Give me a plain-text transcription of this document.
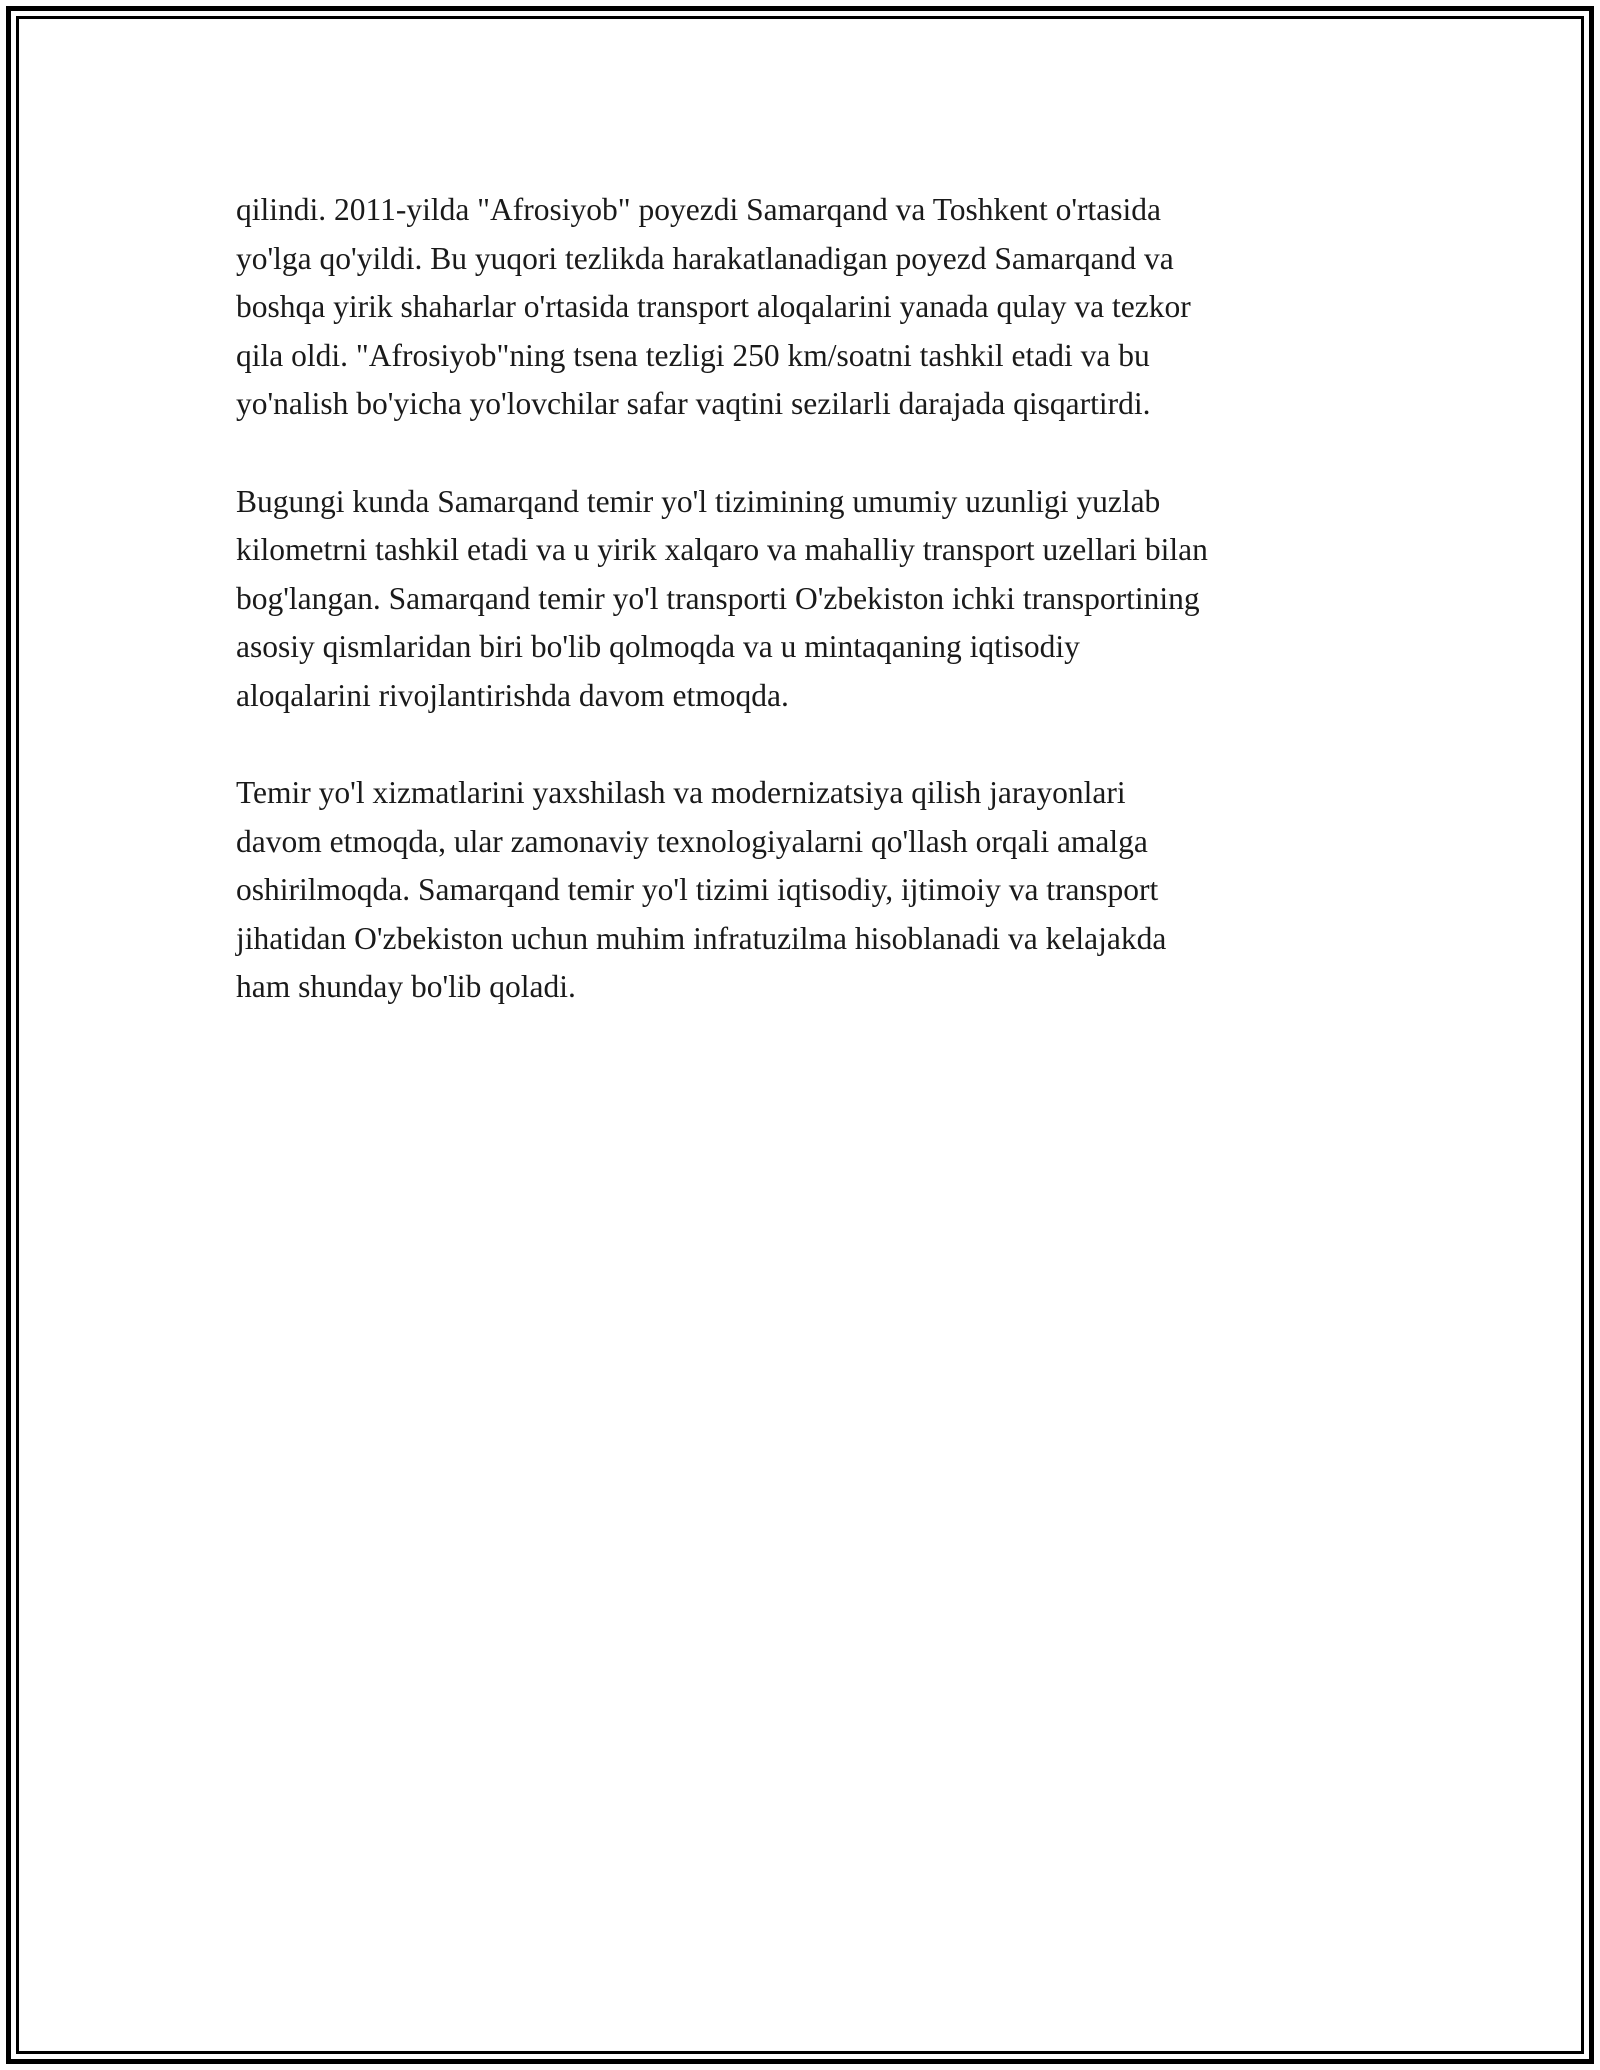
qilindi. 2011-yilda "Afrosiyob" poyezdi Samarqand va Toshkent o'rtasida
yo'lga qo'yildi. Bu yuqori tezlikda harakatlanadigan poyezd Samarqand va
boshqa yirik shaharlar o'rtasida transport aloqalarini yanada qulay va tezkor
qila oldi. "Afrosiyob"ning tsena tezligi 250 km/soatni tashkil etadi va bu
yo'nalish bo'yicha yo'lovchilar safar vaqtini sezilarli darajada qisqartirdi.

Bugungi kunda Samarqand temir yo'l tizimining umumiy uzunligi yuzlab
kilometrni tashkil etadi va u yirik xalqaro va mahalliy transport uzellari bilan
bog'langan. Samarqand temir yo'l transporti O'zbekiston ichki transportining
asosiy qismlaridan biri bo'lib qolmoqda va u mintaqaning iqtisodiy
aloqalarini rivojlantirishda davom etmoqda.

Temir yo'l xizmatlarini yaxshilash va modernizatsiya qilish jarayonlari
davom etmoqda, ular zamonaviy texnologiyalarni qo'llash orqali amalga
oshirilmoqda. Samarqand temir yo'l tizimi iqtisodiy, ijtimoiy va transport
jihatidan O'zbekiston uchun muhim infratuzilma hisoblanadi va kelajakda
ham shunday bo'lib qoladi.
